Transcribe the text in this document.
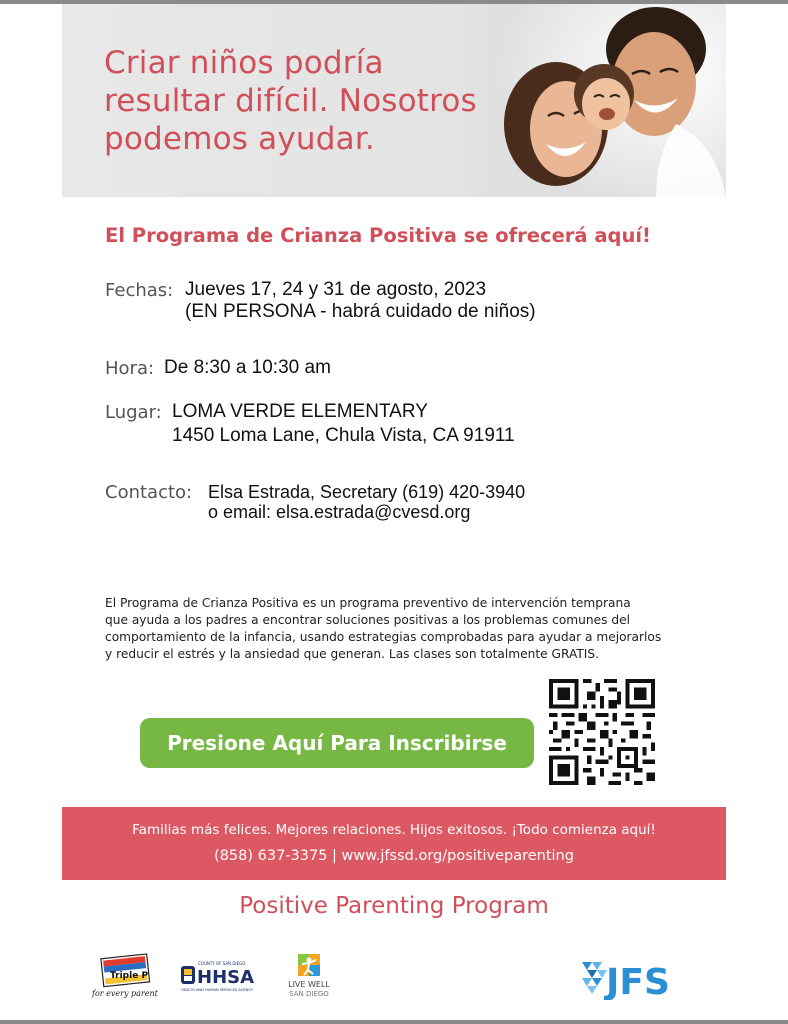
Criar niños podría
resultar difícil. Nosotros
podemos ayudar.
El Programa de Crianza Positiva se ofrecerá aquí!
Fechas: Jueves 17, 24 y 31 de agosto, 2023
(EN PERSONA - habrá cuidado de niños)
Hora: De 8:30 a 10:30 am
Lugar: LOMA VERDE ELEMENTARY
1450 Loma Lane, Chula Vista, CA 91911
Contacto: Elsa Estrada, Secretary (619) 420-3940
o email: elsa.estrada@cvesd.org
El Programa de Crianza Positiva es un programa preventivo de intervención temprana
que ayuda a los padres a encontrar soluciones positivas a los problemas comunes del
comportamiento de la infancia, usando estrategias comprobadas para ayudar a mejorarlos
y reducir el estrés y la ansiedad que generan. Las clases son totalmente GRATIS.
Presione Aquí Para Inscribirse
Familias más felices. Mejores relaciones. Hijos exitosos. ¡Todo comienza aquí!
(858) 637-3375 | www.jfssd.org/positiveparenting
Positive Parenting Program
Triple P
for every parent
COUNTY OF SAN DIEGO
HHSA
HEALTH AND HUMAN SERVICES AGENCY
LIVE WELL
SAN DIEGO	JFS
